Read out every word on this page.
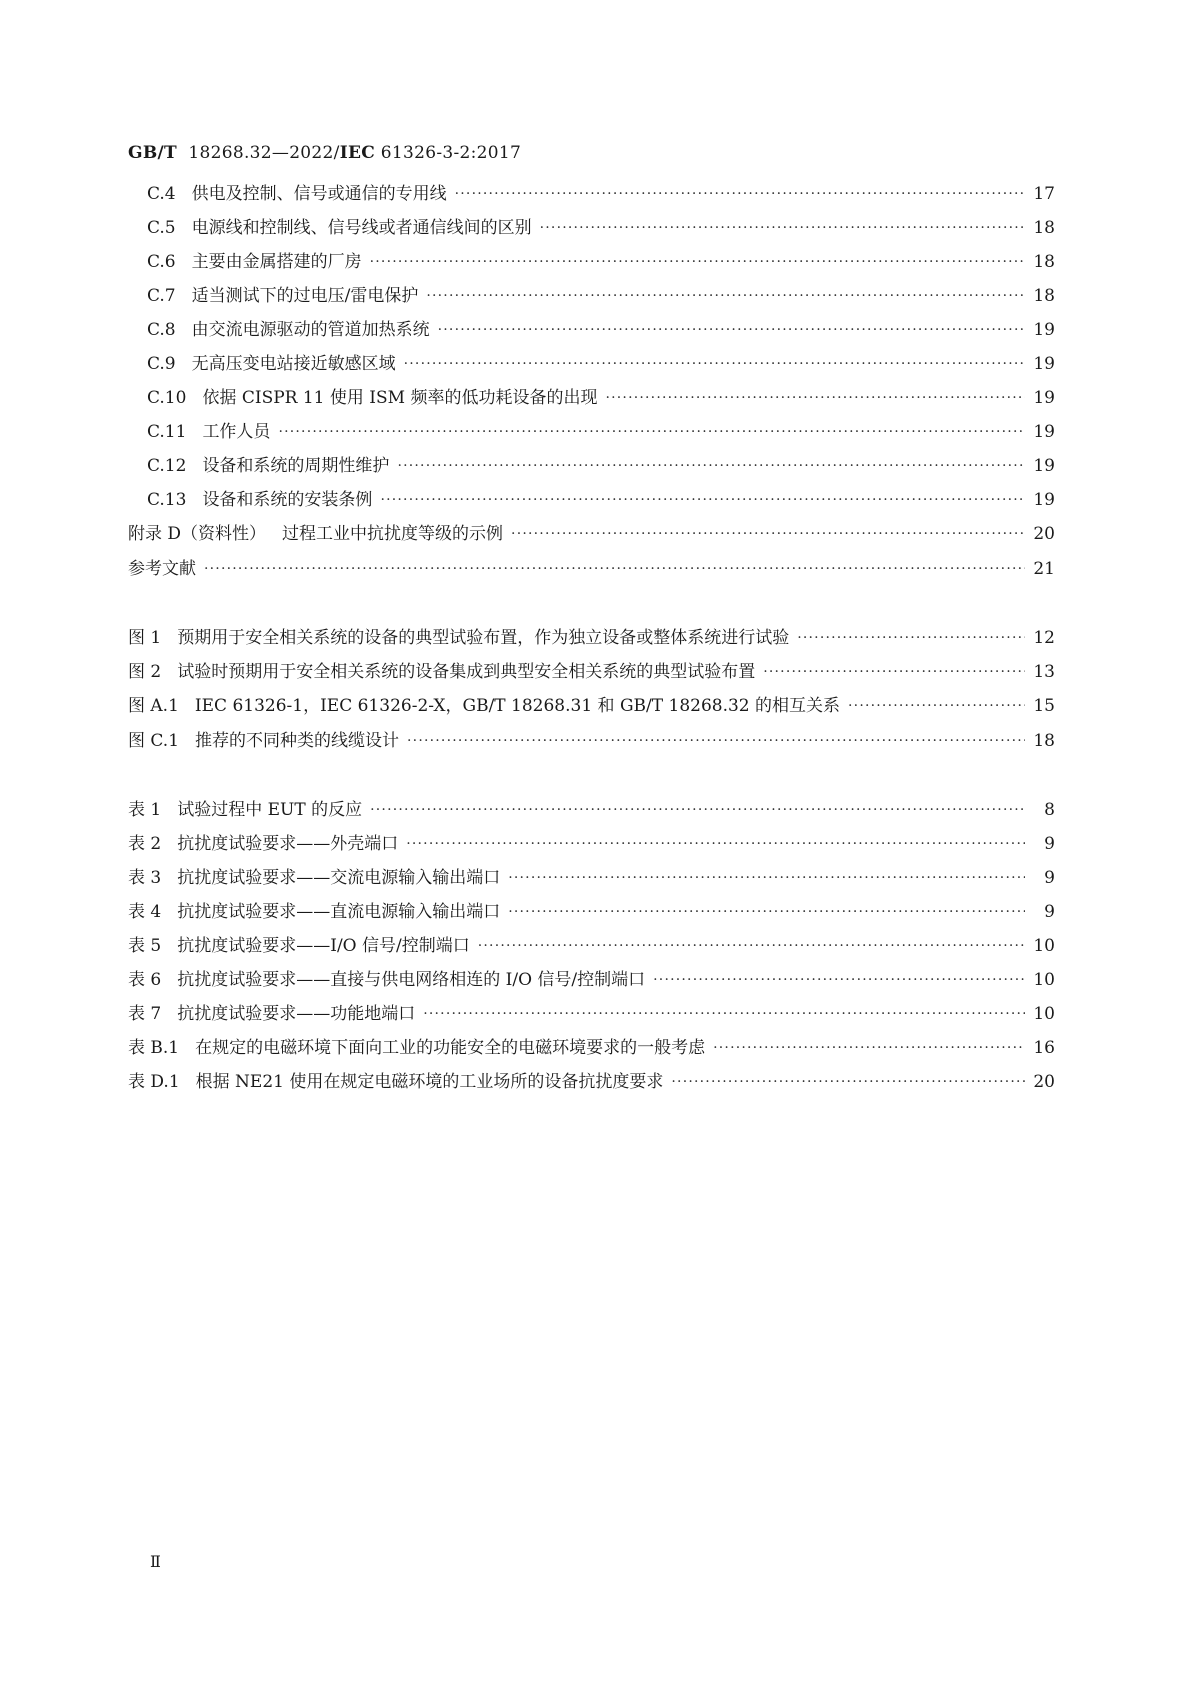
GB/T 18268.32—2022/IEC 61326-3-2:2017
C.4 供电及控制、信号或通信的专用线 ·····	17
C.5 电源线和控制线、信号线或者通信线间的区别 ·····	18
C.6 主要由金属搭建的厂房 ·····	18
C.7 适当测试下的过电压/雷电保护 ·····	18
C.8 由交流电源驱动的管道加热系统 ·····	19
C.9 无高压变电站接近敏感区域 ·····	19
C.10 依据 CISPR 11 使用 ISM 频率的低功耗设备的出现 ·····	19
C.11 工作人员 ·····	19
C.12 设备和系统的周期性维护 ·····	19
C.13 设备和系统的安装条例 ·····	19
附录 D（资料性） 过程工业中抗扰度等级的示例 ·····	20
参考文献 ·····	21
图 1 预期用于安全相关系统的设备的典型试验布置，作为独立设备或整体系统进行试验 ·····	12
图 2 试验时预期用于安全相关系统的设备集成到典型安全相关系统的典型试验布置 ·····	13
图 A.1 IEC 61326-1，IEC 61326-2-X，GB/T 18268.31 和 GB/T 18268.32 的相互关系 ·····	15
图 C.1 推荐的不同种类的线缆设计 ·····	18
表 1 试验过程中 EUT 的反应 ·····	8
表 2 抗扰度试验要求——外壳端口 ·····	9
表 3 抗扰度试验要求——交流电源输入输出端口 ·····	9
表 4 抗扰度试验要求——直流电源输入输出端口 ·····	9
表 5 抗扰度试验要求——I/O 信号/控制端口 ·····	10
表 6 抗扰度试验要求——直接与供电网络相连的 I/O 信号/控制端口 ·····	10
表 7 抗扰度试验要求——功能地端口 ·····	10
表 B.1 在规定的电磁环境下面向工业的功能安全的电磁环境要求的一般考虑 ·····	16
表 D.1 根据 NE21 使用在规定电磁环境的工业场所的设备抗扰度要求 ·····	20
Ⅱ
